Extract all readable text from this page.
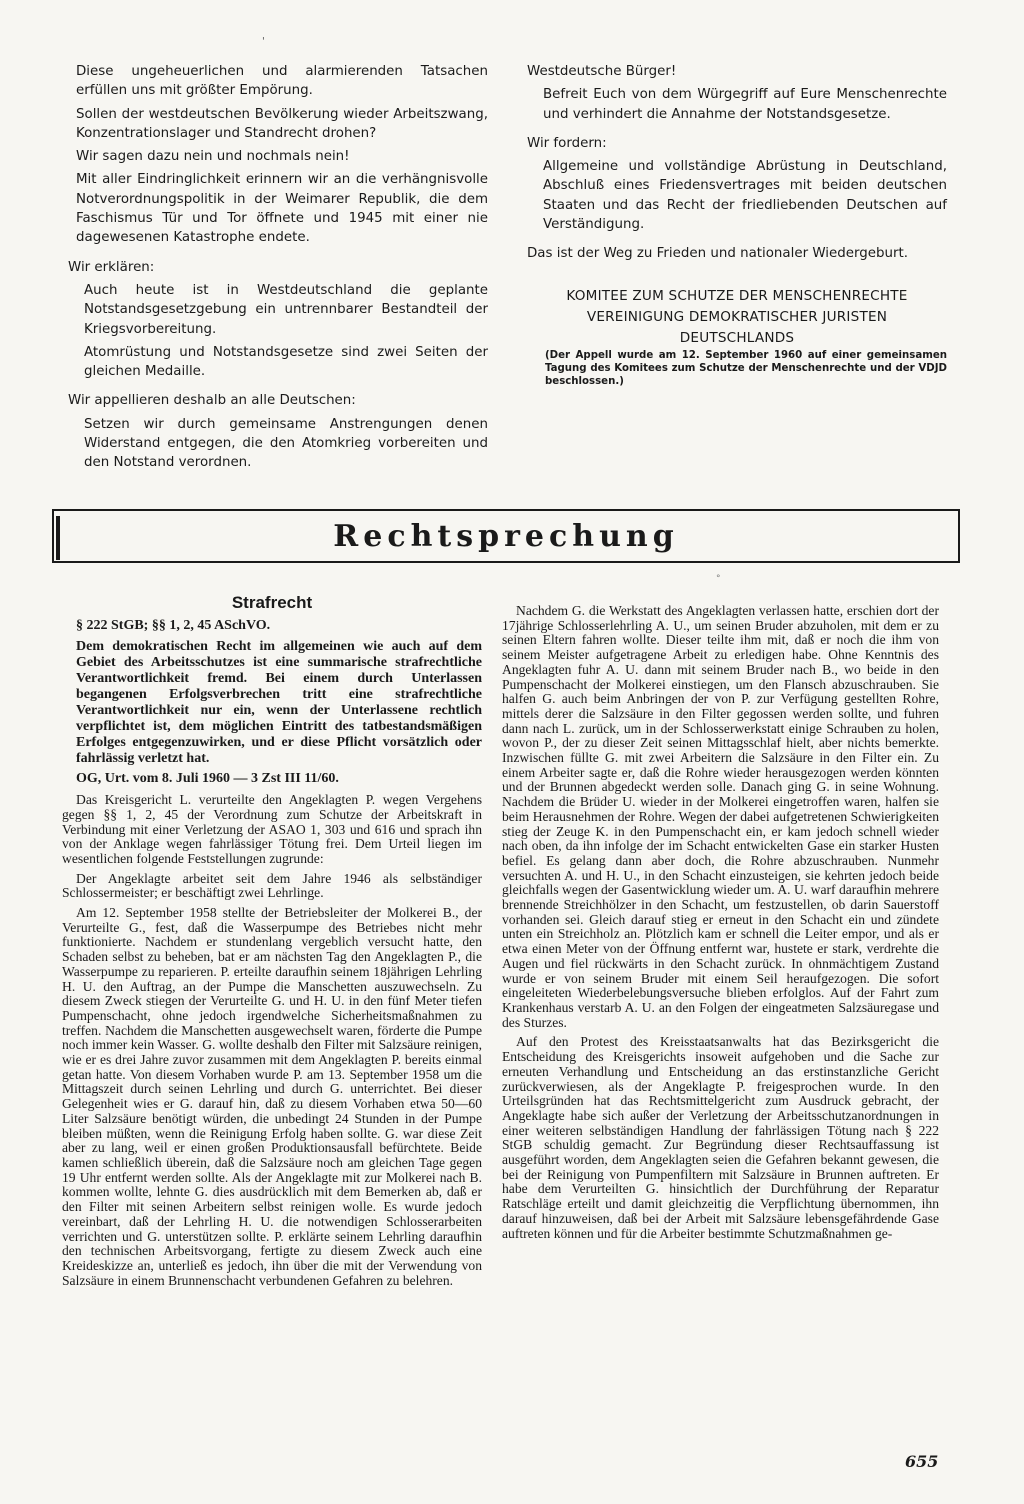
'

Diese ungeheuerlichen und alarmierenden Tatsachen erfüllen uns mit größter Empörung.

Sollen der westdeutschen Bevölkerung wieder Arbeitszwang, Konzentrationslager und Standrecht drohen?

Wir sagen dazu nein und nochmals nein!

Mit aller Eindringlichkeit erinnern wir an die verhängnisvolle Notverordnungspolitik in der Weimarer Republik, die dem Faschismus Tür und Tor öffnete und 1945 mit einer nie dagewesenen Katastrophe endete.

Wir erklären:

Auch heute ist in Westdeutschland die geplante Notstandsgesetzgebung ein untrennbarer Bestandteil der Kriegsvorbereitung.

Atomrüstung und Notstandsgesetze sind zwei Seiten der gleichen Medaille.

Wir appellieren deshalb an alle Deutschen:

Setzen wir durch gemeinsame Anstrengungen denen Widerstand entgegen, die den Atomkrieg vorbereiten und den Notstand verordnen.

Westdeutsche Bürger!

Befreit Euch von dem Würgegriff auf Eure Menschenrechte und verhindert die Annahme der Notstandsgesetze.

Wir fordern:

Allgemeine und vollständige Abrüstung in Deutschland, Abschluß eines Friedensvertrages mit beiden deutschen Staaten und das Recht der friedliebenden Deutschen auf Verständigung.

Das ist der Weg zu Frieden und nationaler Wiedergeburt.

KOMITEE ZUM SCHUTZE DER MENSCHENRECHTE
VEREINIGUNG DEMOKRATISCHER JURISTEN
DEUTSCHLANDS

(Der Appell wurde am 12. September 1960 auf einer gemeinsamen Tagung des Komitees zum Schutze der Menschenrechte und der VDJD beschlossen.)

Rechtsprechung
°
Strafrecht
§ 222 StGB; §§ 1, 2, 45 ASchVO.

Dem demokratischen Recht im allgemeinen wie auch auf dem Gebiet des Arbeitsschutzes ist eine summarische strafrechtliche Verantwortlichkeit fremd. Bei einem durch Unterlassen begangenen Erfolgsverbrechen tritt eine strafrechtliche Verantwortlichkeit nur ein, wenn der Unterlassene rechtlich verpflichtet ist, dem möglichen Eintritt des tatbestandsmäßigen Erfolges entgegenzuwirken, und er diese Pflicht vorsätzlich oder fahrlässig verletzt hat.

OG, Urt. vom 8. Juli 1960 — 3 Zst III 11/60.

Das Kreisgericht L. verurteilte den Angeklagten P. wegen Vergehens gegen §§ 1, 2, 45 der Verordnung zum Schutze der Arbeitskraft in Verbindung mit einer Verletzung der ASAO 1, 303 und 616 und sprach ihn von der Anklage wegen fahrlässiger Tötung frei. Dem Urteil liegen im wesentlichen folgende Feststellungen zugrunde:

Der Angeklagte arbeitet seit dem Jahre 1946 als selbständiger Schlossermeister; er beschäftigt zwei Lehrlinge.

Am 12. September 1958 stellte der Betriebsleiter der Molkerei B., der Verurteilte G., fest, daß die Wasserpumpe des Betriebes nicht mehr funktionierte. Nachdem er stundenlang vergeblich versucht hatte, den Schaden selbst zu beheben, bat er am nächsten Tag den Angeklagten P., die Wasserpumpe zu reparieren. P. erteilte daraufhin seinem 18jährigen Lehrling H. U. den Auftrag, an der Pumpe die Manschetten auszuwechseln. Zu diesem Zweck stiegen der Verurteilte G. und H. U. in den fünf Meter tiefen Pumpenschacht, ohne jedoch irgendwelche Sicherheitsmaßnahmen zu treffen. Nachdem die Manschetten ausgewechselt waren, förderte die Pumpe noch immer kein Wasser. G. wollte deshalb den Filter mit Salzsäure reinigen, wie er es drei Jahre zuvor zusammen mit dem Angeklagten P. bereits einmal getan hatte. Von diesem Vorhaben wurde P. am 13. September 1958 um die Mittagszeit durch seinen Lehrling und durch G. unterrichtet. Bei dieser Gelegenheit wies er G. darauf hin, daß zu diesem Vorhaben etwa 50—60 Liter Salzsäure benötigt würden, die unbedingt 24 Stunden in der Pumpe bleiben müßten, wenn die Reinigung Erfolg haben sollte. G. war diese Zeit aber zu lang, weil er einen großen Produktionsausfall befürchtete. Beide kamen schließlich überein, daß die Salzsäure noch am gleichen Tage gegen 19 Uhr entfernt werden sollte. Als der Angeklagte mit zur Molkerei nach B. kommen wollte, lehnte G. dies ausdrücklich mit dem Bemerken ab, daß er den Filter mit seinen Arbeitern selbst reinigen wolle. Es wurde jedoch vereinbart, daß der Lehrling H. U. die notwendigen Schlosserarbeiten verrichten und G. unterstützen sollte. P. erklärte seinem Lehrling daraufhin den technischen Arbeitsvorgang, fertigte zu diesem Zweck auch eine Kreideskizze an, unterließ es jedoch, ihn über die mit der Verwendung von Salzsäure in einem Brunnenschacht verbundenen Gefahren zu belehren.

Nachdem G. die Werkstatt des Angeklagten verlassen hatte, erschien dort der 17jährige Schlosserlehrling A. U., um seinen Bruder abzuholen, mit dem er zu seinen Eltern fahren wollte. Dieser teilte ihm mit, daß er noch die ihm von seinem Meister aufgetragene Arbeit zu erledigen habe. Ohne Kenntnis des Angeklagten fuhr A. U. dann mit seinem Bruder nach B., wo beide in den Pumpenschacht der Molkerei einstiegen, um den Flansch abzuschrauben. Sie halfen G. auch beim Anbringen der von P. zur Verfügung gestellten Rohre, mittels derer die Salzsäure in den Filter gegossen werden sollte, und fuhren dann nach L. zurück, um in der Schlosserwerkstatt einige Schrauben zu holen, wovon P., der zu dieser Zeit seinen Mittagsschlaf hielt, aber nichts bemerkte. Inzwischen füllte G. mit zwei Arbeitern die Salzsäure in den Filter ein. Zu einem Arbeiter sagte er, daß die Rohre wieder herausgezogen werden könnten und der Brunnen abgedeckt werden solle. Danach ging G. in seine Wohnung. Nachdem die Brüder U. wieder in der Molkerei eingetroffen waren, halfen sie beim Herausnehmen der Rohre. Wegen der dabei aufgetretenen Schwierigkeiten stieg der Zeuge K. in den Pumpenschacht ein, er kam jedoch schnell wieder nach oben, da ihn infolge der im Schacht entwickelten Gase ein starker Husten befiel. Es gelang dann aber doch, die Rohre abzuschrauben. Nunmehr versuchten A. und H. U., in den Schacht einzusteigen, sie kehrten jedoch beide gleichfalls wegen der Gasentwicklung wieder um. A. U. warf daraufhin mehrere brennende Streichhölzer in den Schacht, um festzustellen, ob darin Sauerstoff vorhanden sei. Gleich darauf stieg er erneut in den Schacht ein und zündete unten ein Streichholz an. Plötzlich kam er schnell die Leiter empor, und als er etwa einen Meter von der Öffnung entfernt war, hustete er stark, verdrehte die Augen und fiel rückwärts in den Schacht zurück. In ohnmächtigem Zustand wurde er von seinem Bruder mit einem Seil heraufgezogen. Die sofort eingeleiteten Wiederbelebungsversuche blieben erfolglos. Auf der Fahrt zum Krankenhaus verstarb A. U. an den Folgen der eingeatmeten Salzsäuregase und des Sturzes.

Auf den Protest des Kreisstaatsanwalts hat das Bezirksgericht die Entscheidung des Kreisgerichts insoweit aufgehoben und die Sache zur erneuten Verhandlung und Entscheidung an das erstinstanzliche Gericht zurückverwiesen, als der Angeklagte P. freigesprochen wurde. In den Urteilsgründen hat das Rechtsmittelgericht zum Ausdruck gebracht, der Angeklagte habe sich außer der Verletzung der Arbeitsschutzanordnungen in einer weiteren selbständigen Handlung der fahrlässigen Tötung nach § 222 StGB schuldig gemacht. Zur Begründung dieser Rechtsauffassung ist ausgeführt worden, dem Angeklagten seien die Gefahren bekannt gewesen, die bei der Reinigung von Pumpenfiltern mit Salzsäure in Brunnen auftreten. Er habe dem Verurteilten G. hinsichtlich der Durchführung der Reparatur Ratschläge erteilt und damit gleichzeitig die Verpflichtung übernommen, ihn darauf hinzuweisen, daß bei der Arbeit mit Salzsäure lebensgefährdende Gase auftreten können und für die Arbeiter bestimmte Schutzmaßnahmen ge-

655
